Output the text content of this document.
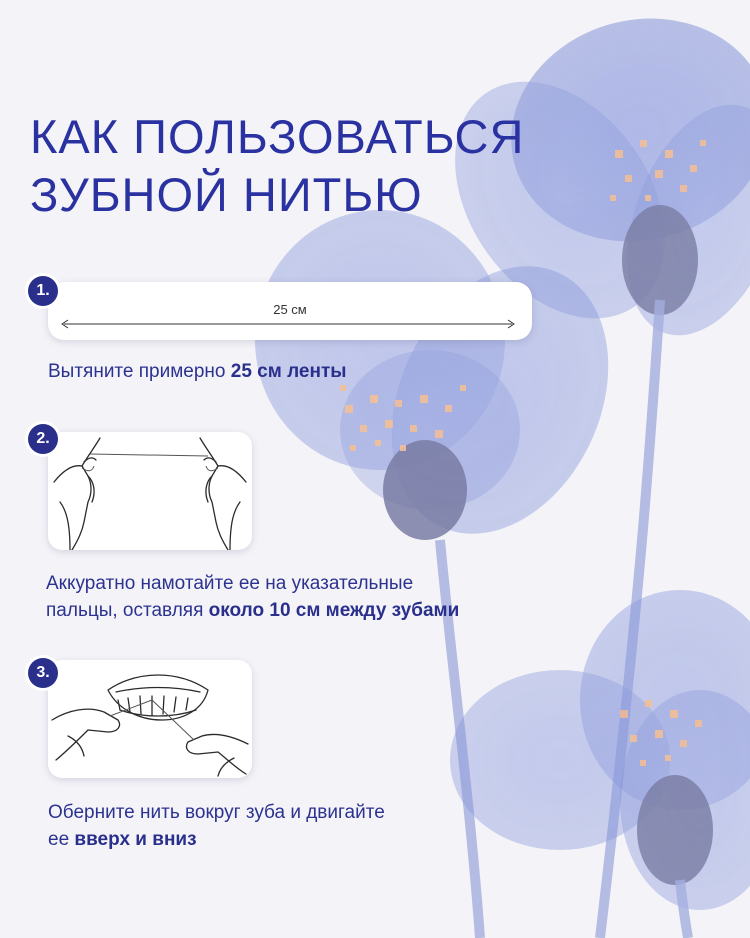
КАК ПОЛЬЗОВАТЬСЯ
ЗУБНОЙ НИТЬЮ
25 см
1.

Вытяните примерно 25 см ленты

2.

Аккуратно намотайте ее на указательные
пальцы, оставляя около 10 см между зубами

3.

Оберните нить вокруг зуба и двигайте
ее вверх и вниз
